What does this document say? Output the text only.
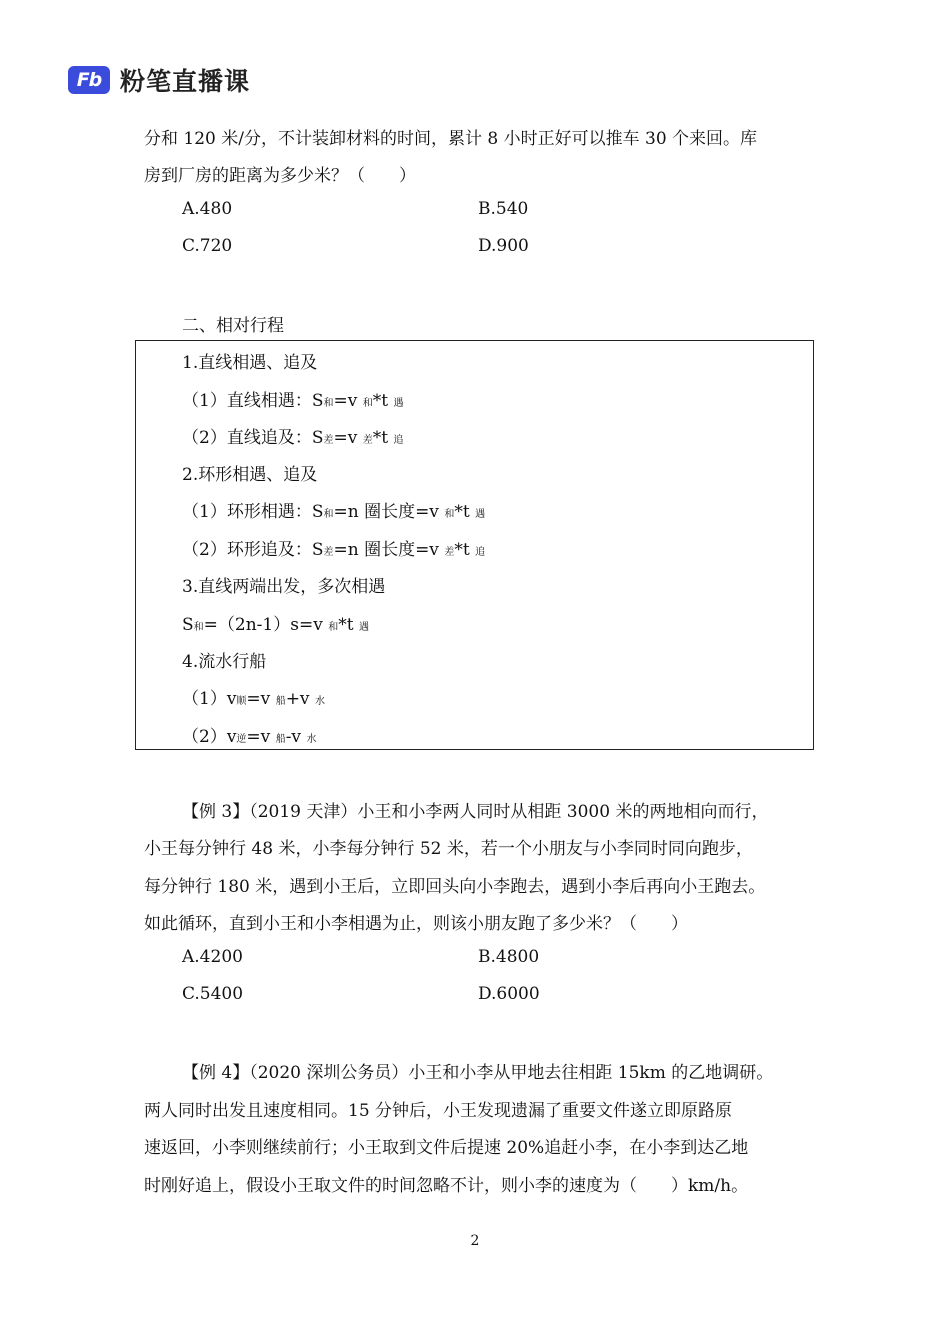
Fb 粉笔直播课
分和 120 米/分，不计装卸材料的时间，累计 8 小时正好可以推车 30 个来回。库
房到厂房的距离为多少米？（　　）
A.480	B.540
C.720	D.900
二、相对行程
1.直线相遇、追及
（1）直线相遇：S和=v 和*t 遇
（2）直线追及：S差=v 差*t 追
2.环形相遇、追及
（1）环形相遇：S和=n 圈长度=v 和*t 遇
（2）环形追及：S差=n 圈长度=v 差*t 追
3.直线两端出发，多次相遇
S和=（2n-1）s=v 和*t 遇
4.流水行船
（1）v顺=v 船+v 水
（2）v逆=v 船-v 水
【例 3】（2019 天津）小王和小李两人同时从相距 3000 米的两地相向而行，
小王每分钟行 48 米，小李每分钟行 52 米，若一个小朋友与小李同时同向跑步，
每分钟行 180 米，遇到小王后，立即回头向小李跑去，遇到小李后再向小王跑去。
如此循环，直到小王和小李相遇为止，则该小朋友跑了多少米？（　　）
A.4200	B.4800
C.5400	D.6000
【例 4】（2020 深圳公务员）小王和小李从甲地去往相距 15km 的乙地调研。
两人同时出发且速度相同。15 分钟后，小王发现遗漏了重要文件遂立即原路原
速返回，小李则继续前行；小王取到文件后提速 20%追赶小李，在小李到达乙地
时刚好追上，假设小王取文件的时间忽略不计，则小李的速度为（　　）km/h。
2
